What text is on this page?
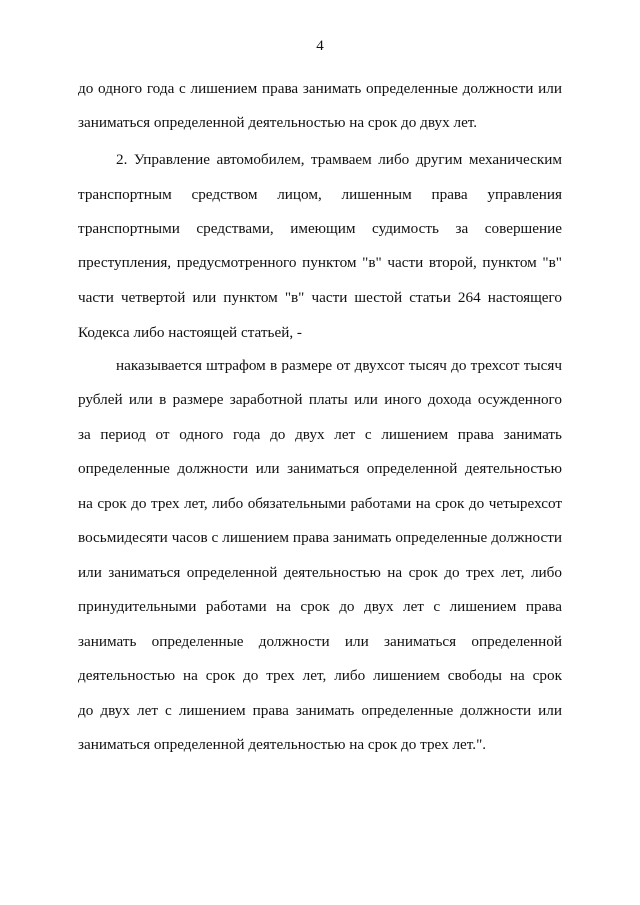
4
до одного года с лишением права занимать определенные должности или
заниматься определенной деятельностью на срок до двух лет.
2. Управление автомобилем, трамваем либо другим механическим
транспортным средством лицом, лишенным права управления
транспортными средствами, имеющим судимость за совершение
преступления, предусмотренного пунктом "в" части второй, пунктом "в"
части четвертой или пунктом "в" части шестой статьи 264 настоящего
Кодекса либо настоящей статьей, -
наказывается штрафом в размере от двухсот тысяч до трехсот тысяч
рублей или в размере заработной платы или иного дохода осужденного
за период от одного года до двух лет с лишением права занимать
определенные должности или заниматься определенной деятельностью
на срок до трех лет, либо обязательными работами на срок до четырехсот
восьмидесяти часов с лишением права занимать определенные должности
или заниматься определенной деятельностью на срок до трех лет, либо
принудительными работами на срок до двух лет с лишением права
занимать определенные должности или заниматься определенной
деятельностью на срок до трех лет, либо лишением свободы на срок
до двух лет с лишением права занимать определенные должности или
заниматься определенной деятельностью на срок до трех лет.".
